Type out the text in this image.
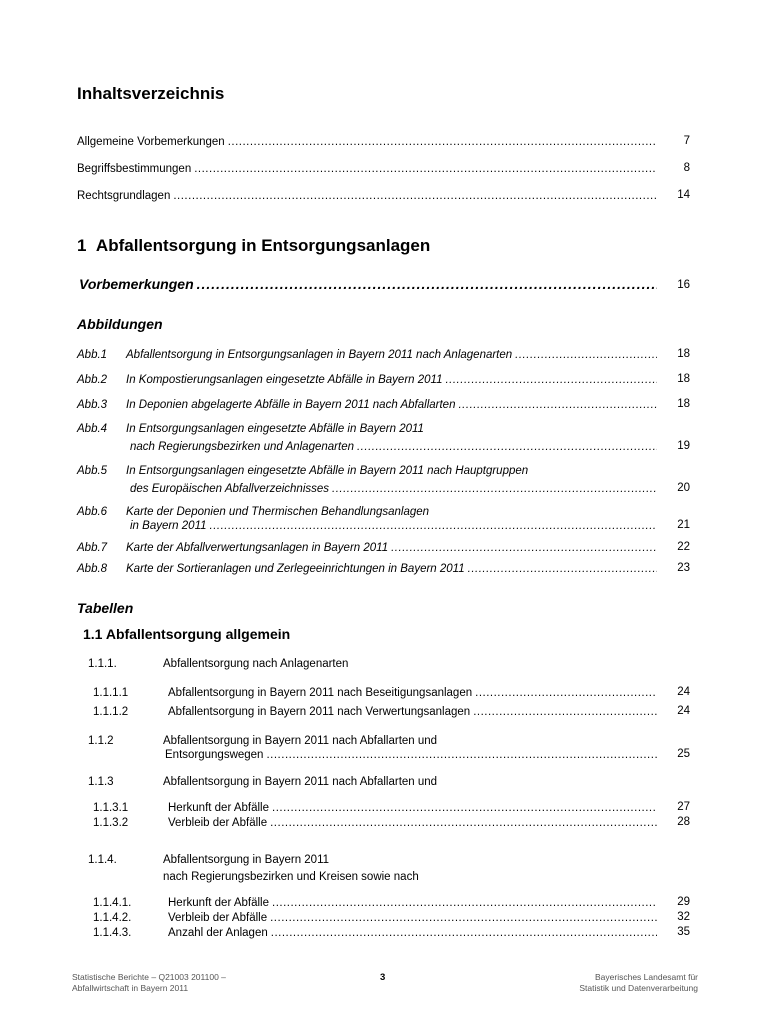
Inhaltsverzeichnis
Allgemeine Vorbemerkungen .....	7
Begriffsbestimmungen .....	8
Rechtsgrundlagen .....	14
1 Abfallentsorgung in Entsorgungsanlagen
Vorbemerkungen .....	16
Abbildungen
Abb.1 Abfallentsorgung in Entsorgungsanlagen in Bayern 2011 nach Anlagenarten .....	18
Abb.2 In Kompostierungsanlagen eingesetzte Abfälle in Bayern 2011 .....	18
Abb.3 In Deponien abgelagerte Abfälle in Bayern 2011 nach Abfallarten .....	18
Abb.4 In Entsorgungsanlagen eingesetzte Abfälle in Bayern 2011
nach Regierungsbezirken und Anlagenarten .....	19
Abb.5 In Entsorgungsanlagen eingesetzte Abfälle in Bayern 2011 nach Hauptgruppen
des Europäischen Abfallverzeichnisses .....	20
Abb.6 Karte der Deponien und Thermischen Behandlungsanlagen
in Bayern 2011 .....	21
Abb.7 Karte der Abfallverwertungsanlagen in Bayern 2011 .....	22
Abb.8 Karte der Sortieranlagen und Zerlegeeinrichtungen in Bayern 2011 .....	23
Tabellen
1.1 Abfallentsorgung allgemein
1.1.1.	Abfallentsorgung nach Anlagenarten
1.1.1.1	Abfallentsorgung in Bayern 2011 nach Beseitigungsanlagen .....	24
1.1.1.2	Abfallentsorgung in Bayern 2011 nach Verwertungsanlagen .....	24
1.1.2	Abfallentsorgung in Bayern 2011 nach Abfallarten und
Entsorgungswegen .....	25
1.1.3	Abfallentsorgung in Bayern 2011 nach Abfallarten und
1.1.3.1	Herkunft der Abfälle .....	27
1.1.3.2	Verbleib der Abfälle .....	28
1.1.4.	Abfallentsorgung in Bayern 2011
nach Regierungsbezirken und Kreisen sowie nach
1.1.4.1.	Herkunft der Abfälle .....	29
1.1.4.2.	Verbleib der Abfälle .....	32
1.1.4.3.	Anzahl der Anlagen .....	35
Statistische Berichte – Q21003 201100 –
Abfallwirtschaft in Bayern 2011
3	Bayerisches Landesamt für
Statistik und Datenverarbeitung
